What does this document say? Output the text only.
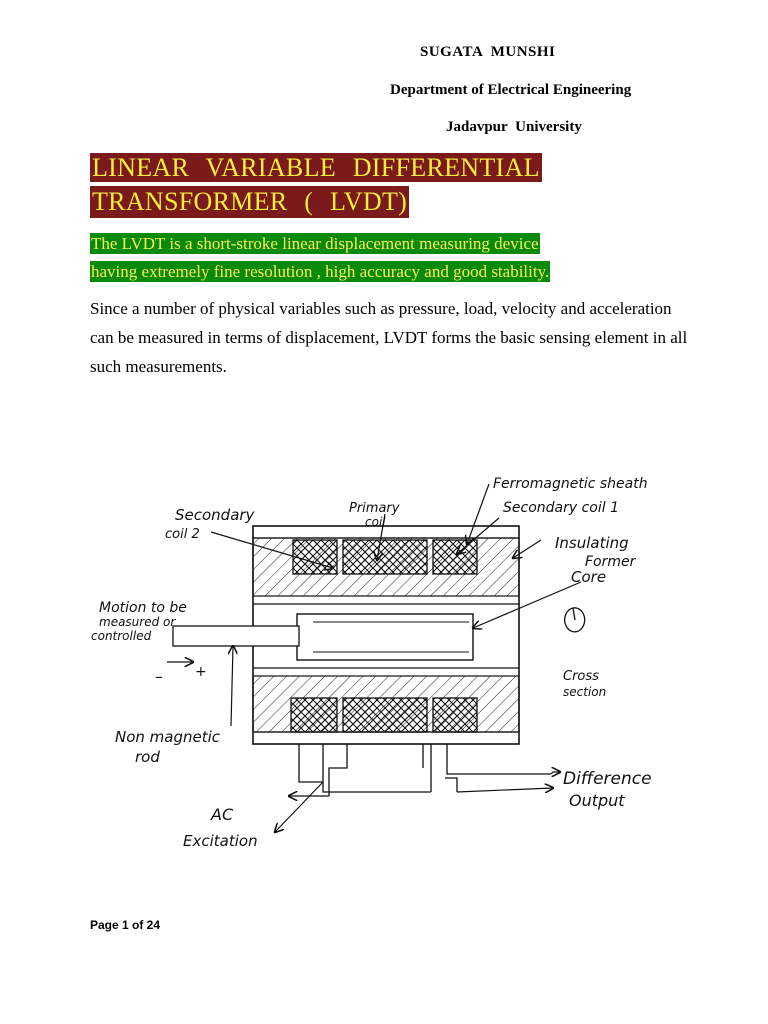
SUGATA MUNSHI
Department of Electrical Engineering
Jadavpur University
LINEAR VARIABLE DIFFERENTIAL
TRANSFORMER ( LVDT)
The LVDT is a short-stroke linear displacement measuring device
having extremely fine resolution , high accuracy and good stability.
Since a number of physical variables such as pressure, load, velocity and acceleration can be measured in terms of displacement, LVDT forms the basic sensing element in all such measurements.
Secondary
coil 2
Primary
coil
Ferromagnetic sheath
Secondary coil 1
Insulating
Former
Core
Cross
section
Motion to be
measured or
controlled
– +
Non magnetic
rod
AC
Excitation
Difference
Output
Page 1 of 24
